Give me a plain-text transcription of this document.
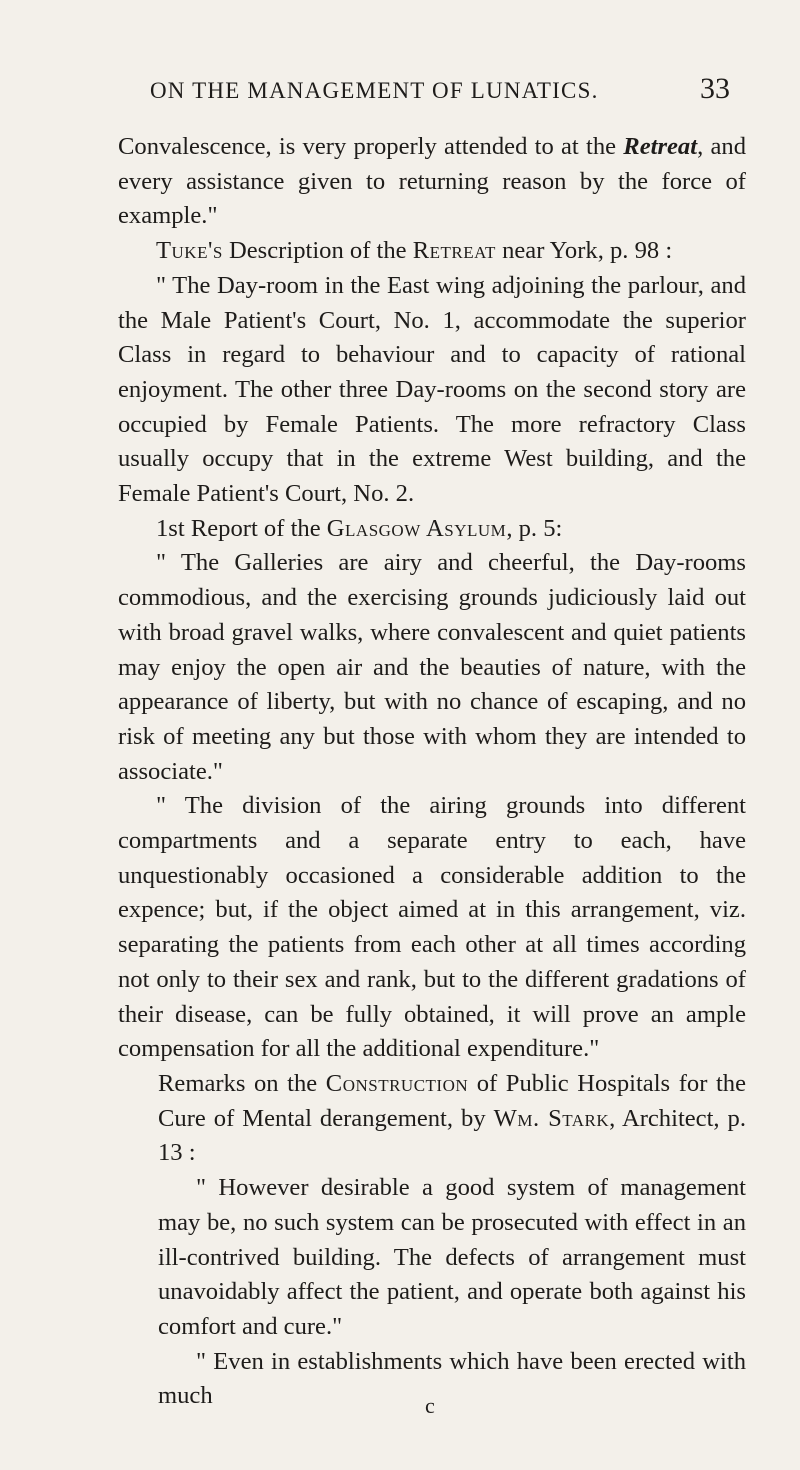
ON THE MANAGEMENT OF LUNATICS.	33

Convalescence, is very properly attended to at the Retreat, and every assistance given to returning reason by the force of example."

Tuke's Description of the Retreat near York, p. 98 :

" The Day-room in the East wing adjoining the parlour, and the Male Patient's Court, No. 1, accommodate the superior Class in regard to behaviour and to capacity of rational enjoyment. The other three Day-rooms on the second story are occupied by Female Patients. The more refractory Class usually occupy that in the extreme West building, and the Female Patient's Court, No. 2.

1st Report of the Glasgow Asylum, p. 5:

" The Galleries are airy and cheerful, the Day-rooms commodious, and the exercising grounds judiciously laid out with broad gravel walks, where convalescent and quiet patients may enjoy the open air and the beauties of nature, with the appearance of liberty, but with no chance of escaping, and no risk of meeting any but those with whom they are intended to associate."

" The division of the airing grounds into different compartments and a separate entry to each, have unquestionably occasioned a considerable addition to the expence; but, if the object aimed at in this arrangement, viz. separating the patients from each other at all times according not only to their sex and rank, but to the different gradations of their disease, can be fully obtained, it will prove an ample compensation for all the additional expenditure."

Remarks on the Construction of Public Hospitals for the Cure of Mental derangement, by Wm. Stark, Architect, p. 13 :

" However desirable a good system of management may be, no such system can be prosecuted with effect in an ill-contrived building. The defects of arrangement must unavoidably affect the patient, and operate both against his comfort and cure."

" Even in establishments which have been erected with much	c
